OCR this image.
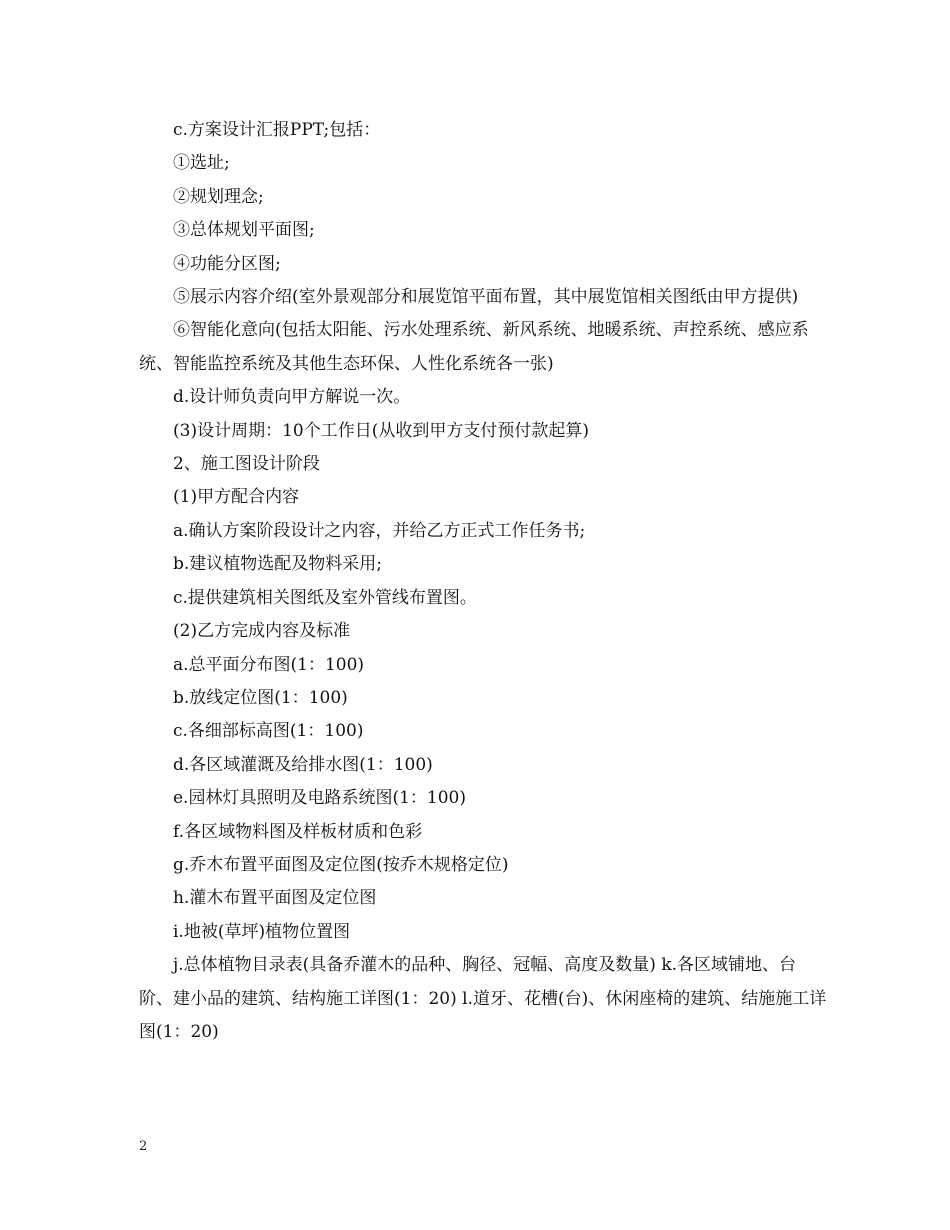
c.方案设计汇报PPT;包括：

①选址;

②规划理念;

③总体规划平面图;

④功能分区图;

⑤展示内容介绍(室外景观部分和展览馆平面布置，其中展览馆相关图纸由甲方提供)

⑥智能化意向(包括太阳能、污水处理系统、新风系统、地暖系统、声控系统、感应系统、智能监控系统及其他生态环保、人性化系统各一张)

d.设计师负责向甲方解说一次。

(3)设计周期：10个工作日(从收到甲方支付预付款起算)

2、施工图设计阶段

(1)甲方配合内容

a.确认方案阶段设计之内容，并给乙方正式工作任务书;

b.建议植物选配及物料采用;

c.提供建筑相关图纸及室外管线布置图。

(2)乙方完成内容及标准

a.总平面分布图(1：100)

b.放线定位图(1：100)

c.各细部标高图(1：100)

d.各区域灌溉及给排水图(1：100)

e.园林灯具照明及电路系统图(1：100)

f.各区域物料图及样板材质和色彩

g.乔木布置平面图及定位图(按乔木规格定位)

h.灌木布置平面图及定位图

i.地被(草坪)植物位置图

j.总体植物目录表(具备乔灌木的品种、胸径、冠幅、高度及数量) k.各区域铺地、台阶、建小品的建筑、结构施工详图(1：20) l.道牙、花槽(台)、休闲座椅的建筑、结施施工详图(1：20)

2
